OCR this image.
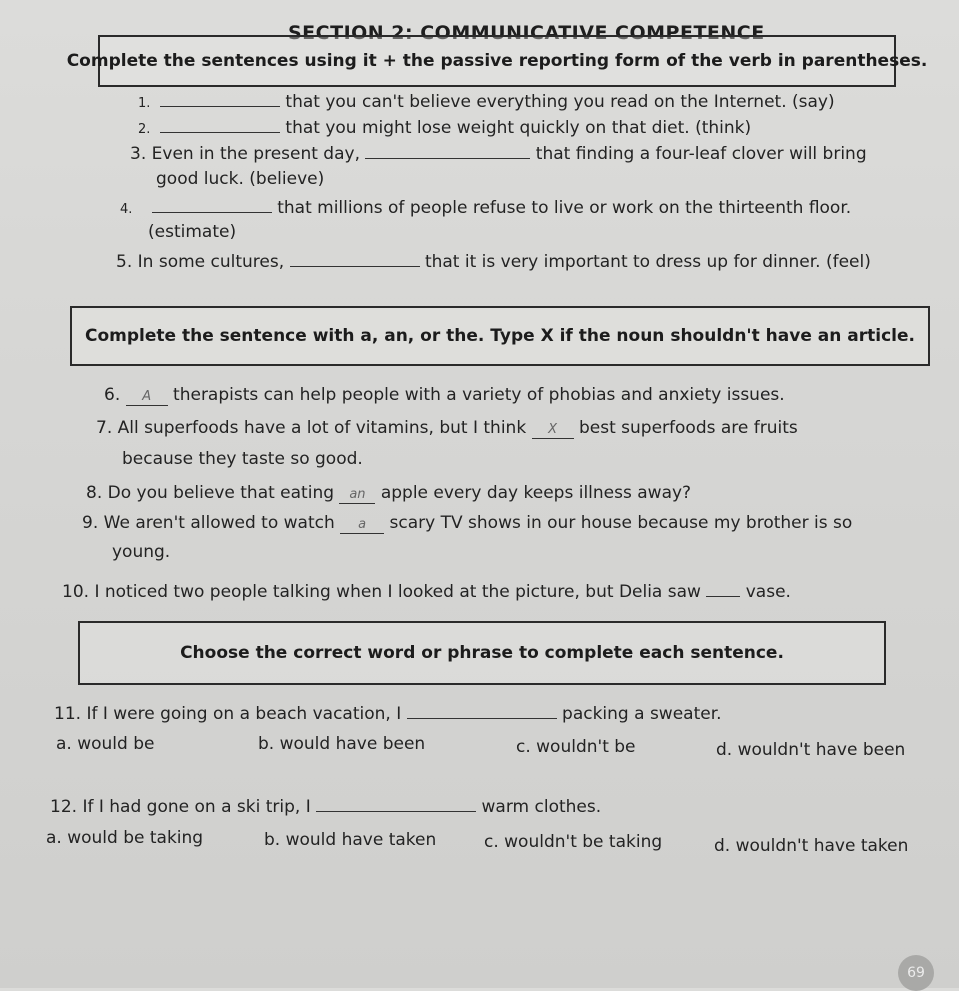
SECTION 2: COMMUNICATIVE COMPETENCE
Complete the sentences using it + the passive reporting form of the verb in parentheses.
1.	that you can't believe everything you read on the Internet. (say)
2.	that you might lose weight quickly on that diet. (think)
3. Even in the present day,	that finding a four-leaf clover will bring
good luck. (believe)
4.	that millions of people refuse to live or work on the thirteenth floor.
(estimate)
5. In some cultures,	that it is very important to dress up for dinner. (feel)
Complete the sentence with a, an, or the. Type X if the noun shouldn't have an article.
6. A therapists can help people with a variety of phobias and anxiety issues.
7. All superfoods have a lot of vitamins, but I think X best superfoods are fruits
because they taste so good.
8. Do you believe that eating an apple every day keeps illness away?
9. We aren't allowed to watch a scary TV shows in our house because my brother is so
young.
10. I noticed two people talking when I looked at the picture, but Delia saw	vase.
Choose the correct word or phrase to complete each sentence.
11. If I were going on a beach vacation, I	packing a sweater.
a. would be	b. would have been	c. wouldn't be	d. wouldn't have been
12. If I had gone on a ski trip, I	warm clothes.
a. would be taking	b. would have taken	c. wouldn't be taking	d. wouldn't have taken
69
